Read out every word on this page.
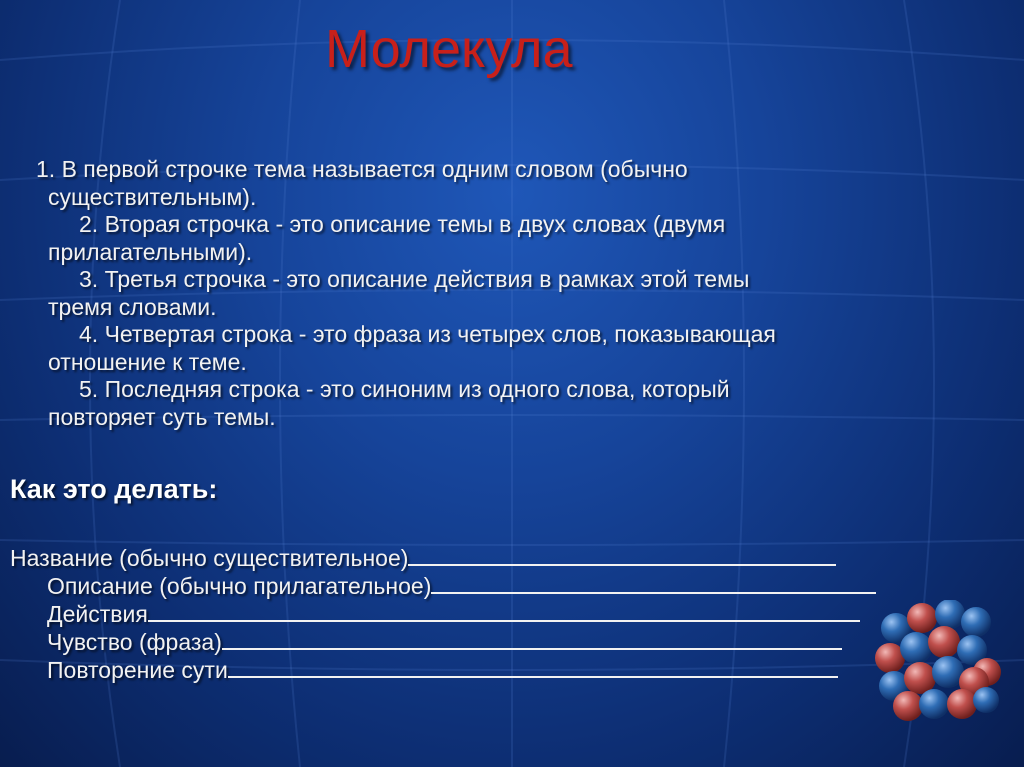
Молекула
1. В первой строчке тема называется одним словом (обычно
существительным).
2. Вторая строчка - это описание темы в двух словах (двумя
прилагательными).
3. Третья строчка - это описание действия в рамках этой темы
тремя словами.
4. Четвертая строка - это фраза из четырех слов, показывающая
отношение к теме.
5. Последняя строка - это синоним из одного слова, который
повторяет суть темы.
Как это делать:
Название (обычно существительное)
Описание (обычно прилагательное)
Действия
Чувство (фраза)
Повторение сути
